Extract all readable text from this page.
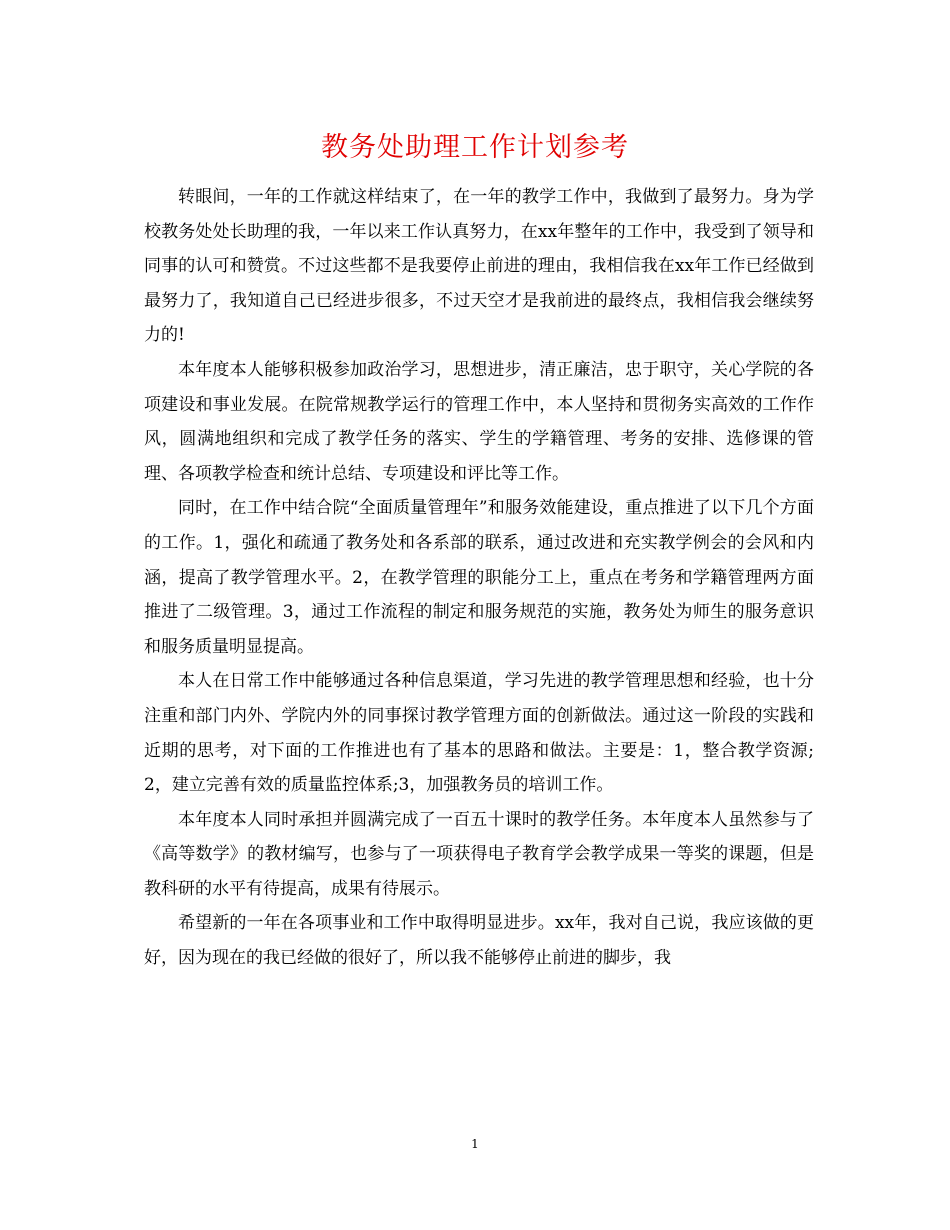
教务处助理工作计划参考

转眼间，一年的工作就这样结束了，在一年的教学工作中，我做到了最努力。身为学校教务处处长助理的我，一年以来工作认真努力，在xx年整年的工作中，我受到了领导和同事的认可和赞赏。不过这些都不是我要停止前进的理由，我相信我在xx年工作已经做到最努力了，我知道自己已经进步很多，不过天空才是我前进的最终点，我相信我会继续努力的!

本年度本人能够积极参加政治学习，思想进步，清正廉洁，忠于职守，关心学院的各项建设和事业发展。在院常规教学运行的管理工作中，本人坚持和贯彻务实高效的工作作风，圆满地组织和完成了教学任务的落实、学生的学籍管理、考务的安排、选修课的管理、各项教学检查和统计总结、专项建设和评比等工作。

同时，在工作中结合院“全面质量管理年”和服务效能建设，重点推进了以下几个方面的工作。1，强化和疏通了教务处和各系部的联系，通过改进和充实教学例会的会风和内涵，提高了教学管理水平。2，在教学管理的职能分工上，重点在考务和学籍管理两方面推进了二级管理。3，通过工作流程的制定和服务规范的实施，教务处为师生的服务意识和服务质量明显提高。

本人在日常工作中能够通过各种信息渠道，学习先进的教学管理思想和经验，也十分注重和部门内外、学院内外的同事探讨教学管理方面的创新做法。通过这一阶段的实践和近期的思考，对下面的工作推进也有了基本的思路和做法。主要是：1，整合教学资源;2，建立完善有效的质量监控体系;3，加强教务员的培训工作。

本年度本人同时承担并圆满完成了一百五十课时的教学任务。本年度本人虽然参与了《高等数学》的教材编写，也参与了一项获得电子教育学会教学成果一等奖的课题，但是教科研的水平有待提高，成果有待展示。

希望新的一年在各项事业和工作中取得明显进步。xx年，我对自己说，我应该做的更好，因为现在的我已经做的很好了，所以我不能够停止前进的脚步，我

1
